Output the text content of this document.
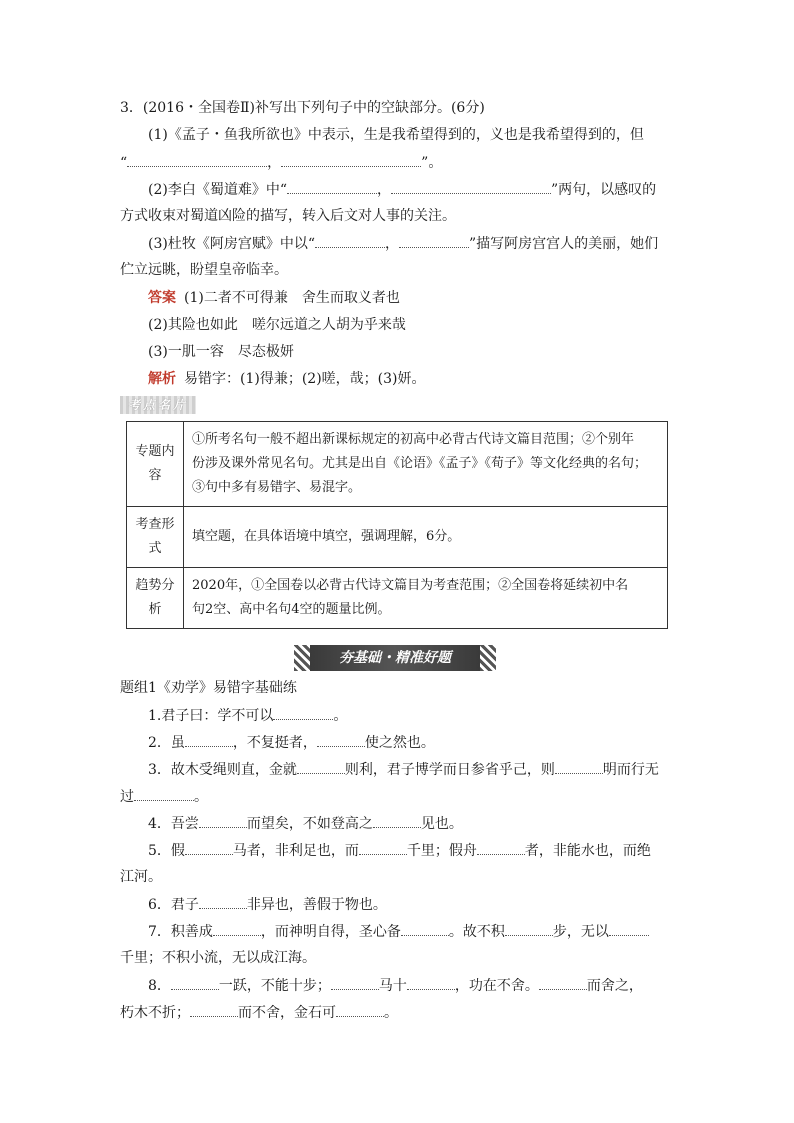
3．(2016・全国卷Ⅱ)补写出下列句子中的空缺部分。(6分)
(1)《孟子・鱼我所欲也》中表示，生是我希望得到的，义也是我希望得到的，但
“	，	”。
(2)李白《蜀道难》中“	，	”两句，以感叹的
方式收束对蜀道凶险的描写，转入后文对人事的关注。
(3)杜牧《阿房宫赋》中以“	，	”描写阿房宫宫人的美丽，她们
伫立远眺，盼望皇帝临幸。
答案 (1)二者不可得兼　舍生而取义者也
(2)其险也如此　嗟尔远道之人胡为乎来哉
(3)一肌一容　尽态极妍
解析 易错字：(1)得兼；(2)嗟，哉；(3)妍。
考点名片
专题内容	①所考名句一般不超出新课标规定的初高中必背古代诗文篇目范围；②个别年
份涉及课外常见名句。尤其是出自《论语》《孟子》《荀子》等文化经典的名句；
③句中多有易错字、易混字。

考查形式	填空题，在具体语境中填空，强调理解，6分。
趋势分析	2020年，①全国卷以必背古代诗文篇目为考查范围；②全国卷将延续初中名
句2空、高中名句4空的题量比例。
夯基础・精准好题
题组1《劝学》易错字基础练
1.君子曰：学不可以	。
2．虽	，不复挺者，	使之然也。
3．故木受绳则直，金就	则利，君子博学而日参省乎己，则	明而行无
过	。
4．吾尝	而望矣，不如登高之	见也。
5．假	马者，非利足也，而	千里；假舟	者，非能水也，而绝
江河。
6．君子	非异也，善假于物也。
7．积善成	，而神明自得，圣心备	。故不积	步，无以
千里；不积小流，无以成江海。
8．	一跃，不能十步；	马十	，功在不舍。	而舍之，
朽木不折；	而不舍，金石可	。
